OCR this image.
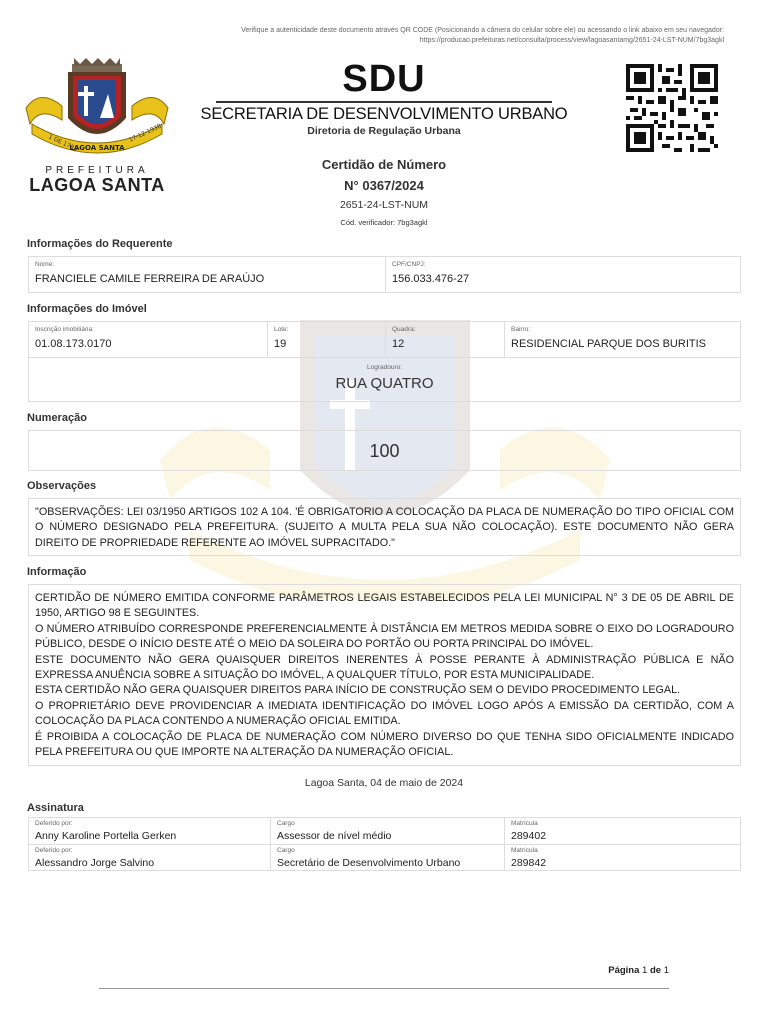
Verifique a autenticidade deste documento através QR CODE (Posicionando a câmera do celular sobre ele) ou acessando o link abaixo em seu navegador:
https://producao.prefeituras.net/consulta/process/view/lagoasantamg/2651-24-LST-NUM/7bg3agkl
1 DE 1733
LAGOA SANTA
17-12-1938
PREFEITURA
LAGOA SANTA
SDU
SECRETARIA DE DESENVOLVIMENTO URBANO
Diretoria de Regulação Urbana
Certidão de Número
N° 0367/2024
2651-24-LST-NUM
Cód. verificador: 7bg3agkl
Informações do Requerente
Nome:
FRANCIELE CAMILE FERREIRA DE ARAÚJO
CPF/CNPJ:
156.033.476-27
Informações do Imóvel
Inscrição imobiliária:
01.08.173.0170
Lote:
19
Quadra:
12
Bairro:
RESIDENCIAL PARQUE DOS BURITIS
Logradouro:
RUA QUATRO
Numeração
100
Observações
"OBSERVAÇÕES: LEI 03/1950 ARTIGOS 102 A 104. 'É OBRIGATORIO A COLOCAÇÃO DA PLACA DE NUMERAÇÃO DO TIPO OFICIAL COM O NÚMERO DESIGNADO PELA PREFEITURA. (SUJEITO A MULTA PELA SUA NÃO COLOCAÇÃO). ESTE DOCUMENTO NÃO GERA DIREITO DE PROPRIEDADE REFERENTE AO IMÓVEL SUPRACITADO."
Informação
CERTIDÃO DE NÚMERO EMITIDA CONFORME PARÂMETROS LEGAIS ESTABELECIDOS PELA LEI MUNICIPAL N° 3 DE 05 DE ABRIL DE 1950, ARTIGO 98 E SEGUINTES.
O NÚMERO ATRIBUÍDO CORRESPONDE PREFERENCIALMENTE À DISTÂNCIA EM METROS MEDIDA SOBRE O EIXO DO LOGRADOURO PÚBLICO, DESDE O INÍCIO DESTE ATÉ O MEIO DA SOLEIRA DO PORTÃO OU PORTA PRINCIPAL DO IMÓVEL.
ESTE DOCUMENTO NÃO GERA QUAISQUER DIREITOS INERENTES À POSSE PERANTE À ADMINISTRAÇÃO PÚBLICA E NÃO EXPRESSA ANUÊNCIA SOBRE A SITUAÇÃO DO IMÓVEL, A QUALQUER TÍTULO, POR ESTA MUNICIPALIDADE.
ESTA CERTIDÃO NÃO GERA QUAISQUER DIREITOS PARA INÍCIO DE CONSTRUÇÃO SEM O DEVIDO PROCEDIMENTO LEGAL.
O PROPRIETÁRIO DEVE PROVIDENCIAR A IMEDIATA IDENTIFICAÇÃO DO IMÓVEL LOGO APÓS A EMISSÃO DA CERTIDÃO, COM A COLOCAÇÃO DA PLACA CONTENDO A NUMERAÇÃO OFICIAL EMITIDA.
É PROIBIDA A COLOCAÇÃO DE PLACA DE NUMERAÇÃO COM NÚMERO DIVERSO DO QUE TENHA SIDO OFICIALMENTE INDICADO PELA PREFEITURA OU QUE IMPORTE NA ALTERAÇÃO DA NUMERAÇÃO OFICIAL.
Lagoa Santa, 04 de maio de 2024
Assinatura
Deferido por:
Anny Karoline Portella Gerken
Cargo
Assessor de nível médio
Matrícula
289402
Deferido por:
Alessandro Jorge Salvino
Cargo
Secretário de Desenvolvimento Urbano
Matrícula
289842
Página 1 de 1
